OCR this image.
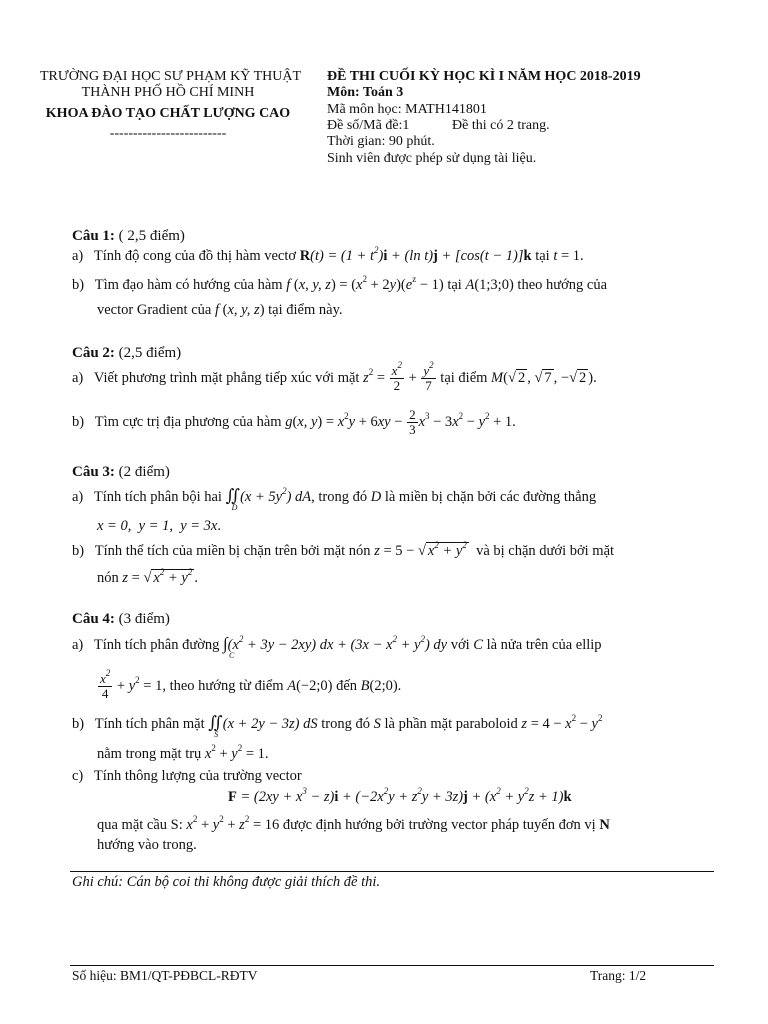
TRƯỜNG ĐẠI HỌC SƯ PHẠM KỸ THUẬT
THÀNH PHỐ HỒ CHÍ MINH
KHOA ĐÀO TẠO CHẤT LƯỢNG CAO
-------------------------
ĐỀ THI CUỐI KỲ HỌC KÌ I NĂM HỌC 2018-2019
Môn: Toán 3
Mã môn học: MATH141801
Đề số/Mã đề:1	Đề thi có 2 trang.
Thời gian: 90 phút.
Sinh viên được phép sử dụng tài liệu.
Câu 1: ( 2,5 điểm)
a) Tính độ cong của đồ thị hàm vectơ $R(t) = (1 + t^2)i + (\ln$ t)j + [cos(t − 1)]k tại t = 1.
b) Tìm đạo hàm có hướng của hàm f (x, y, $z) = (x^2 + 2y)(e^z - 1)$ tại A(1;3;0) theo hướng của
vector Gradient của f (x, y, z) tại điểm này.
Câu 2: (2,5 điểm)
a) Viết phương trình mặt phẳng tiếp xúc với mặt $z^2 = \frac{x^2}{2} + \frac{y^2}{7}$ tại điểm M(√ 2 , √ 7 , −√ 2 ).
b) Tìm cực trị địa phương của hàm g(x, $y) = x^2y + 6xy - \frac{2}{3} x^3 - 3x^2 - y^2 + 1$.
Câu 3: (2 điểm)
a) Tính tích phân bội hai ∬
D
$(x + 5y^2)$ dA, trong đó D là miền bị chặn bởi các đường thẳng
x = 0,  y = 1,  y = 3x.
b) Tính thể tích của miền bị chặn trên bởi mặt nón z = 5 − √ $x^2 + y^2$ và bị chặn dưới bởi mặt
nón z = √ $x^2 + y^2$ .
Câu 4: (3 điểm)
a) Tính tích phân đường ∫
C
$(x^2 + 3y - 2xy)$ dx + $(3x - x^2 + y^2)$ dy với C là nửa trên của ellip
$\frac{x^2}{4} + y^2 = 1$, theo hướng từ điểm A(−2;0) đến B(2;0).
b) Tính tích phân mặt ∬
S
(x + 2y − 3z) dS trong đó S là phần mặt paraboloid $z = 4 - x^2 - y^2$
nằm trong mặt trụ $x^2 + y^2 = 1$.
c) Tính thông lượng của trường vector
$F = (2xy + x^3 - z)i + (-2x^2y + z^2y + 3z)j + (x^2 + y^2z + 1)k$
qua mặt cầu S: $x^2 + y^2 + z^2 = 16$ được định hướng bởi trường vector pháp tuyến đơn vị N
hướng vào trong.
Ghi chú: Cán bộ coi thi không được giải thích đề thi.
Số hiệu: BM1/QT-PĐBCL-RĐTV	Trang: 1/2
